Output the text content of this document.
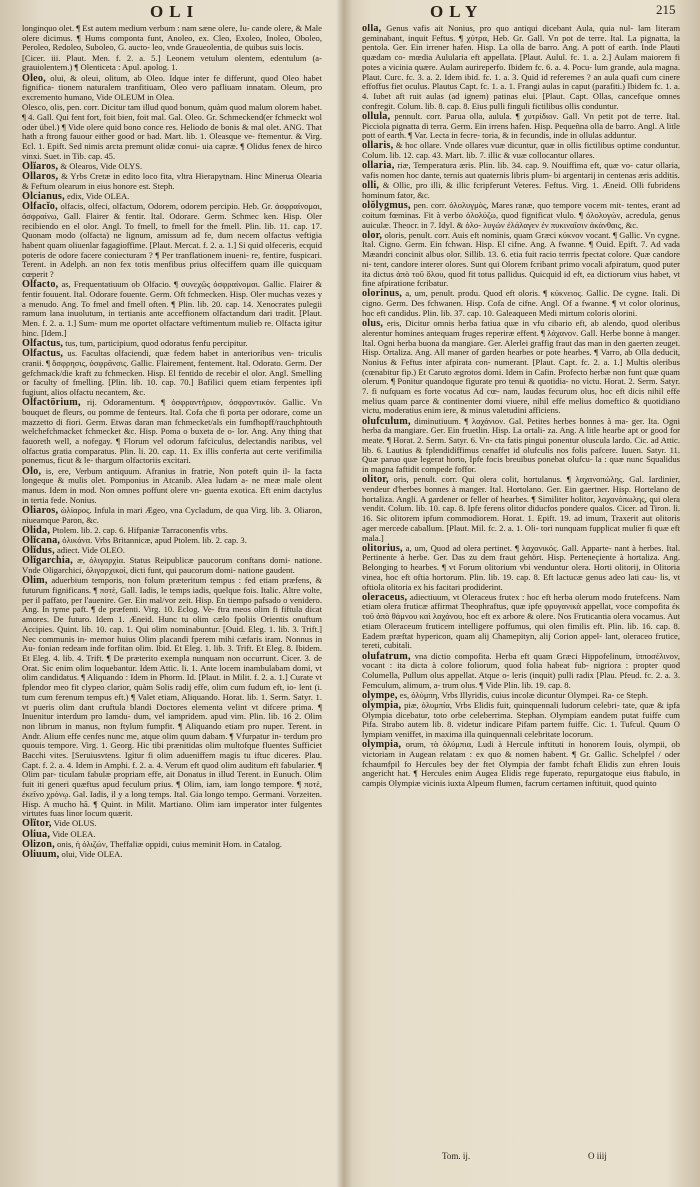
OLI	OLY	215

longinquo olet. ¶ Est autem medium verbum : nam sæne olere, Iu- cande olere, & Male olere dicimus. ¶ Hums componta funt, Anoleo, ex. Cleo, Exoleo, Inoleo, Oboleo, Peroleo, Redoleo, Suboleo, G. aucto- leo, vnde Graueolentia, de quibus suis locis.

[Cicer. iii. Plaut. Men. f. 2. a. 5.] Leonem vetulum olentem, edentulum (a-grauiolentem.) ¶ Olenticeta : Apul. apolog. 1.

Oleo, olui, & oleui, olitum, ab Oleo. Idque inter fe differunt, quod Oleo habet fignifica- tionem naturalem tranfitiuam, Oleo vero pafliuam innatam. Oleum, pro excremento humano, Vide OLEUM in Olea.

Olesco, olis, pen. corr. Dicitur tam illud quod bonum, quàm quod malum olorem habet. ¶ 4. Gall. Qui fent fort, foit bien, foit mal. Gal. Oleo. Gr. Schmeckend(er fchmeckt wol oder übel.) ¶ Vide olere quid bono conce res. Heliodo de bonis & mal olet. ANG. That hath a ftrong fauour either good or bad. Mart. lib. 1. Oleasque ve- ftementur. & Virg. Ecl. 1. Epift. Sed nimis arcta premunt olidæ conui- uia capræ. ¶ Olidus fenex de hirco vinxi. Suet. in Tib. cap. 45.

Olĭaros, & Olearos, Vide OLYS.

Ollaros, & Yrbs Cretæ in edito loco fita, vltra Hierapytnam. Hinc Minerua Olearia & Feftum olearum in eius honore est. Steph.

Olcianus, edix, Vide OLEA.

Olfacĭo, olfacis, olfeci, olfactum, Odorem, odorem percipio. Heb. Gr. ἀσφραίνομαι, ὀσφραίνω, Gall. Flairer & fentir. Ital. Odorare. Germ. Schmec ken. Hisp. Oler recibiendo en el olor. Angl. To fmell, to fmell for the fmell. Plin. lib. 11. cap. 17. Quonam modo (olfacta) ne lignum, amissum ad fe, dum necem olfactus veftigia habent quam oliuenlar fagagioffime. [Plaut. Mercat. f. 2. a. 1.] Si quid olfeceris, ecquid poteris de odore facere coniecturam ? ¶ Per tranflationem inueni- re, fentire, fuspicari. Terent. in Adelph. an non fex totis menfibus prius olfeciffem quam ille quicquam cœperit ?

Olfacto, as, Frequentatiuum ob Olfacio. ¶ συνεχῶς ὀσφραίνομαι. Gallic. Flairer & fentir fouuent. Ital. Odorare fouente. Germ. Oft fchmecken. Hisp. Oler muchas vezes y a menudo. Ang. To fmel and fmell often. ¶ Plin. lib. 20. cap. 14. Xenocrates pulegii ramum lana inuolutum, in tertianis ante acceffionem olfactandum dari tradit. [Plaut. Men. f. 2. a. 1.] Sum- mum me oportet olfactare veftimentum mulieb re. Olfacta igitur hinc. [Idem.]

Olfactus, tus, tum, participium, quod odoratus fenfu percipitur.

Olfactus, us. Facultas olfaciendi, quæ fedem habet in anterioribus ven- triculis cranii. ¶ ὄσφρησις, ὀσφρᾶνσις. Gallic. Flairement, fentement. Ital. Odorato. Germ. Der gefchmack/die kraft zu fchmecken. Hisp. El fentido de recebir el olor. Angl. Smelling or faculty of fmelling. [Plin. lib. 10. cap. 70.] Bafilici quem etiam ferpentes ipfi fugiunt, alios olfactu necantem, &c.

Olfactōrium, rij. Odoramentum. ¶ ὀσφραντήριον, ὀσφραντικόν. Gallic. Vn bouquet de fleurs, ou pomme de fenteurs. Ital. Cofa che fi porta per odorare, come un mazzetto di fiori. Germ. Etwas daran man fchmecket/als ein fumfhopff/rauchphtouth welchefchmacket fchmecket &c. Hisp. Poma o buxeta de o- lor. Ang. Any thing that fauoreth well, a nofegay. ¶ Florum vel odorum fafciculus, delectandis naribus, vel olfactus gratia comparatus. Plin. li. 20. cap. 11. Ex illis conferta aut certe verifimilia ponemus, ficut & le- thargum olfactoriis excitari.

Olo, is, ere, Verbum antiquum. Afranius in fratrie, Non poteft quin il- la facta longeque & mulis olet. Pomponius in Atcanib. Alea ludam a- ne meæ male olent manus. Idem in mod. Non omnes poffunt olere vn- guenta exotica. Eft enim dactylus in tertia fede. Nonius.

Oliaros, ὠλίαρος. Infula in mari Ægeo, vna Cycladum, de qua Virg. lib. 3. Oliaron, niueamque Paron, &c.

Olida, Ptolem. lib. 2. cap. 6. Hifpaniæ Tarraconenfis vrbs.

Olĭcana, ὀλικάνα. Vrbs Britannicæ, apud Ptolem. lib. 2. cap. 3.

Olĭdus, adiect. Vide OLEO.

Olĭgarchia, æ, ὀλιγαρχία. Status Reipublicæ paucorum conftans domi- natione. Vnde Oligarchici, ὀλιγαρχικοὶ, dicti funt, qui paucorum domi- natione gaudent.

Olim, aduerbium temporis, non folum præteritum tempus : fed etiam præfens, & futurum fignificans. ¶ ποτὲ, Gall. Iadis, le temps iadis, quelque fois. Italic. Altre volte, per il paffato, per l'auenire. Ger. Ein mal/vor zeit. Hisp. En tiempo pafsado o venidero. Ang. In tyme paft. ¶ de præfenti. Virg. 10. Eclog. Ve- ftra meos olim fi fiftula dicat amores. De futuro. Idem 1. Æneid. Hunc tu olim cælo fpoliis Orientis onuftum Accipies. Quint. lib. 10. cap. 1. Qui olim nominabuntur. [Ouid. Eleg. 1. lib. 3. Trift.] Nec communis in- memor huius Olim placandi fperem mihi cæfaris iram. Nonnus in Au- fonian redeam inde forfitan olim. Ibid. Et Eleg. 1. lib. 3. Trift. Et Eleg. 8. Ibidem. Et Eleg. 4. lib. 4. Trift. ¶ De præterito exempla nunquam non occurrunt. Cicer. 3. de Orat. Sic enim olim loquebantur. Idem Attic. li. 1. Ante locem inambulabam domi, vt olim candidatus. ¶ Aliquando : Idem in Phorm. Id. [Plaut. in Milit. f. 2. a. 1.] Curate vt fplendor meo fit clypeo clarior, quàm Solis radij effe, olim cum fudum eft, io- lent (i. tum cum ferenum tempus eft.) ¶ Valet etiam, Aliquando. Horat. lib. 1. Serm. Satyr. 1. vt pueris olim dant cruftula blandi Doctores elementa velint vt difcere prima. ¶ Inuenitur interdum pro Iamdu- dum, vel iampridem. apud vim. Plin. lib. 16 2. Olim non librum in manus, non ftylum fumpfit. ¶ Aliquando etiam pro nuper. Terent. in Andr. Alium effe cenfes nunc me, atque olim quum dabam. ¶ Vfurpatur in- terdum pro quouis tempore. Virg. 1. Georg. Hic tibi prænitidas olim multofque fluentes Sufficiet Bacchi vites. [Seruiusvtens. Igitur fi olim adueniffem magis tu iftuc diceres. Plau. Capt. f. 2. a. 4. Idem in Amphi. f. 2. a. 4. Verum eft quod olim auditum eft fabularier. ¶ Olim par- ticulam fabulæ propriam effe, ait Donatus in illud Terent. in Eunuch. Olim fuit iti generi quæftus apud feculum prius. ¶ Olim, iam, iam longo tempore. ¶ ποτὲ, ἐκεῖνο χρόνῳ. Gal. Iadis, il y a long temps. Ital. Gia longo tempo. Germani. Vorzeiten. Hisp. A mucho hã. ¶ Quint. in Milit. Martiano. Olim iam imperator inter fulgentes virtutes fuas linor locum quærit.

Olĭtor, Vide OLUS.

Oliua, Vide OLEA.

Olizon, onis, ἡ ὀλιζών, Theffaliæ oppidi, cuius meminit Hom. in Catalog.

Oliuum, olui, Vide OLEA.

olla, Genus vafis ait Nonius, pro quo antiqui dicebant Aula, quia nul- lam literam geminabant, inquit Feftus. ¶ χύτρα, Heb. Gr. Gall. Vn pot de terre. Ital. La pignatta, la pentola. Ger. Ein irrener hafen. Hisp. La olla de barro. Ang. A pott of earth. Inde Plauti quædam co- mœdia Aulularia eft appellata. [Plaut. Aulul. fc. 1. a. 2.] Aulam maiorem fi potes a vicinia quære. Aulam aurireperfo. Ibidem fc. 6. a. 4. Pocu- lum grande, aula magna. Plaut. Curc. fc. 3. a. 2. Idem ibid. fc. 1. a. 3. Quid id referemes ? an aula quafi cum cinere effoffus fiet oculus. Plautus Capt. fc. 1. a. 1. Frangi aulas in caput (parafiti.) Ibidem fc. 1. a. 4. Iubet aft ruit aulas (ad ignem) patinas elui. [Plaut. Capt. Ollas, cancefque omnes confregit. Colum. lib. 8. cap. 8. Eius pulli finguli fictilibus ollis conduntur.

ollula, pennult. corr. Parua olla, aulula. ¶ χυτρίδιον. Gall. Vn petit pot de terre. Ital. Picciola pignatta di terra. Germ. Ein irrens hafen. Hisp. Pequeñna olla de barro. Angl. A litle pott of earth. ¶ Var. Lecta in fecre- toria, & in fecundis, inde in ollulas adduntur.

ollaris, & hoc ollare. Vnde ollares vuæ dicuntur, quæ in ollis fictilibus optime conduntur. Colum. lib. 12. cap. 43. Mart. lib. 7. illic & vuæ collocantur ollares.

ollaria, riæ, Temperatura æris. Plin. lib. 34. cap. 9. Nouiffima eft, quæ vo- catur ollaria, vafis nomen hoc dante, ternis aut quaternis libris plum- bi argentarij in centenas æris additis.

olli, & Ollic, pro illi, & illic fcripferunt Veteres. Feftus. Virg. 1. Æneid. Olli fubridens hominum fator, &c.

olŏlygmus, pen. corr. ὀλολυγμὸς, Mares ranæ, quo tempore vocem mit- tentes, erant ad coitum fœminas. Fit à verbo ὀλολύζω, quod fignificat vlulo. ¶ ὀλολυγών, acredula, genus auiculæ. Theocr. in 7. Idyl. & ὀλο- λυγών ἐλάλαγεν ἐν πυκιναῖσιν ἀκάνθαις, &c.

olor, oloris, penult. corr. Auis eft nominis, quam Græci κύκνον vocant. ¶ Gallic. Vn cygne. Ital. Cigno. Germ. Ein fchwan. Hisp. El cifne. Ang. A fwanne. ¶ Ouid. Epift. 7. Ad vada Mæandri concinit albus olor. Sillib. 13. 6. etia fuit racio terrris fpectat colore. Quæ candore ni- tent, candore interer olores. Sunt qui Olorem fcribant primo vocali afpiratum, quod puter ita dictus ἀπὸ τοῦ ὅλου, quod fit totus pallidus. Quicquid id eft, ea dictiorum vius habet, vt fine afpiratione fcribatur.

olorinus, a, um, penult. produ. Quod eft oloris. ¶ κύκνειος. Gallic. De cygne. Itali. Di cigno. Germ. Des fchwanen. Hisp. Cofa de cifne. Angl. Of a fwanne. ¶ vt color olorinus, hoc eft candidus. Plin. lib. 37. cap. 10. Galeaqueen Medi mirtum coloris olorini.

olus, eris, Dicitur omnis herba fatiua quæ in vfu cibario eft, ab alendo, quod oleribus alerentur homines antequam fruges reperiræ effent. ¶ λάχανον. Gall. Herbe bonne à manger. Ital. Ogni herba buona da mangiare. Ger. Alerlei graffig fraut das man in den gaerten zeuget. Hisp. Ortaliza. Ang. All maner of garden hearbes or pote hearbes. ¶ Varro, ab Olla deducit, Nonius & Feftus inter afpirata con- numerant. [Plaut. Capt. fc. 2. a. 1.] Multis oleribus (cœnabitur fip.) Et Caruto ægrotos domi. Idem in Cafin. Profecto herbæ non funt quæ quam olerum. ¶ Ponitur quandoque figurate pro tenui & quotidia- no victu. Horat. 2. Serm. Satyr. 7. fi nufquam es forte vocatus Ad cœ- nam, laudas fecurum olus, hoc eft dicis nihil effe melius quam parce & continenter domi viuere, nihil effe melius domeftico & quotidiano victu, moderatius enim iere, & minus valetudini afficiens.

olufculum, diminutiuum. ¶ λαχάνιον. Gal. Petites herbes bonnes à ma- ger. Ita. Ogni herba da mangiare. Ger. Ein fruetlin. Hisp. La ortali- za. Ang. A litle hearbe apt or good for meate. ¶ Horat. 2. Serm. Satyr. 6. Vn- cta fatis pingui ponentur oluscula lardo. Cic. ad Attic. lib. 6. Lautius & fplendidiffimus cenaffet id olufculis nos folis pafcere. Iuuen. Satyr. 11. Quæ paruo quæ legerat horto, Ipfe focis breuibus ponebat olufcu- la : quæ nunc Squalidus in magna faftidit compede foffor.

olitor, oris, penult. corr. Qui olera colit, hortulanus. ¶ λαχανοπώλης. Gal. Iardinier, vendeur d'herbes bonnes à manger. Ital. Hortolano. Ger. Ein gaertner. Hisp. Hortelano de hortaliza. Angli. A gardener or feller of hearbes. ¶ Similiter holitor, λαχανόπωλης, qui olera vendit. Colum. lib. 10. cap. 8. Ipfe ferens olitor diducfos pondere qualos. Cicer. ad Tiron. li. 16. Sic olitorem ipfum commodiorem. Horat. 1. Epift. 19. ad imum, Traxerit aut olitoris ager mercede caballum. [Plaut. Mil. fc. 2. a. 1. Oli- tori nunquam fupplicat mulier fi quæ eft mala.]

olitorius, a, um, Quod ad olera pertinet. ¶ λαχανικός. Gall. Apparte- nant à herbes. Ital. Pertinente à herbe. Ger. Das zu dem fraut gehört. Hisp. Perteneçiente à hortaliza. Ang. Belonging to hearbes. ¶ vt Forum olitorium vbi venduntur olera. Horti olitorij, in Olitoria vinea, hoc eft oftia hortorum. Plin. lib. 19. cap. 8. Eft lactucæ genus adeo lati cau- lis, vt oftiola olitoria ex his facitari prodiderint.

oleraceus, adiectiuum, vt Oleraceus frutex : hoc eft herba olerum modo frutefcens. Nam etiam olera fruticæ affirmat Theophraftus, quæ ipfe φρυγανικὰ appellat, voce compofita ἐκ τοῦ ἀπὸ θάμνου καὶ λαχάνου, hoc eft ex arbore & olere. Nos Fruticantia olera vocamus. Aut etiam Oleraceum fruticem intelligere poffumus, qui olen fimilis eft. Plin. lib. 16. cap. 8. Eadem præftat hypericon, quam alij Chamepityn, alij Corion appel- lant, oleraceo frutice, tereti, cubitali.

olufatrum, vna dictio compofita. Herba eft quam Græci Hippofelinum, ἱπποσέλινον, vocant : ita dicta à colore foliorum, quod folia habeat fub- nigriora : propter quod Columella, Pullum olus appellat. Atque o- leris (inquit) pulli radix [Plau. Pfeud. fc. 2. a. 3. Femculum, alimum, a- trum olus. ¶ Vide Plin. lib. 19. cap. 8.

olympe, es, ὀλύμπη, Vrbs Illyridis, cuius incolæ dicuntur Olympei. Ra- ce Steph.

olympia, piæ, ὀλυμπία, Vrbs Elidis fuit, quinquennali ludorum celebri- tate, quæ & ipfa Olympia dicebatur, toto orbe celeberrima. Stephan. Olympiam eandem putat fuiffe cum Pifa. Strabo autem lib. 8. videtur indicare Pifam partem fuiffe. Cic. 1. Tufcul. Quum O lympiam veniffet, in maxima illa quinquennali celebritate locorum.

olympia, orum, τὰ ὀλύμπια, Ludi à Hercule inftituti in honorem Iouis, olympii, ob victoriam in Augean relatam : ex quo & nomen habent. ¶ Gr. Gallic. Schelpfel / oder fchaumfpil fo Hercules bey der ftet Olympia der fambt fchaft Elidis zun ehren Iouis angericht hat. ¶ Hercules enim Augea Elidis rege fuperato, repurgatoque eius ftabulo, in campis Olympiæ vicinis iuxta Alpeum flumen, facrum certamen inftituit, quod quinto

Tom. ij.	O iiij
